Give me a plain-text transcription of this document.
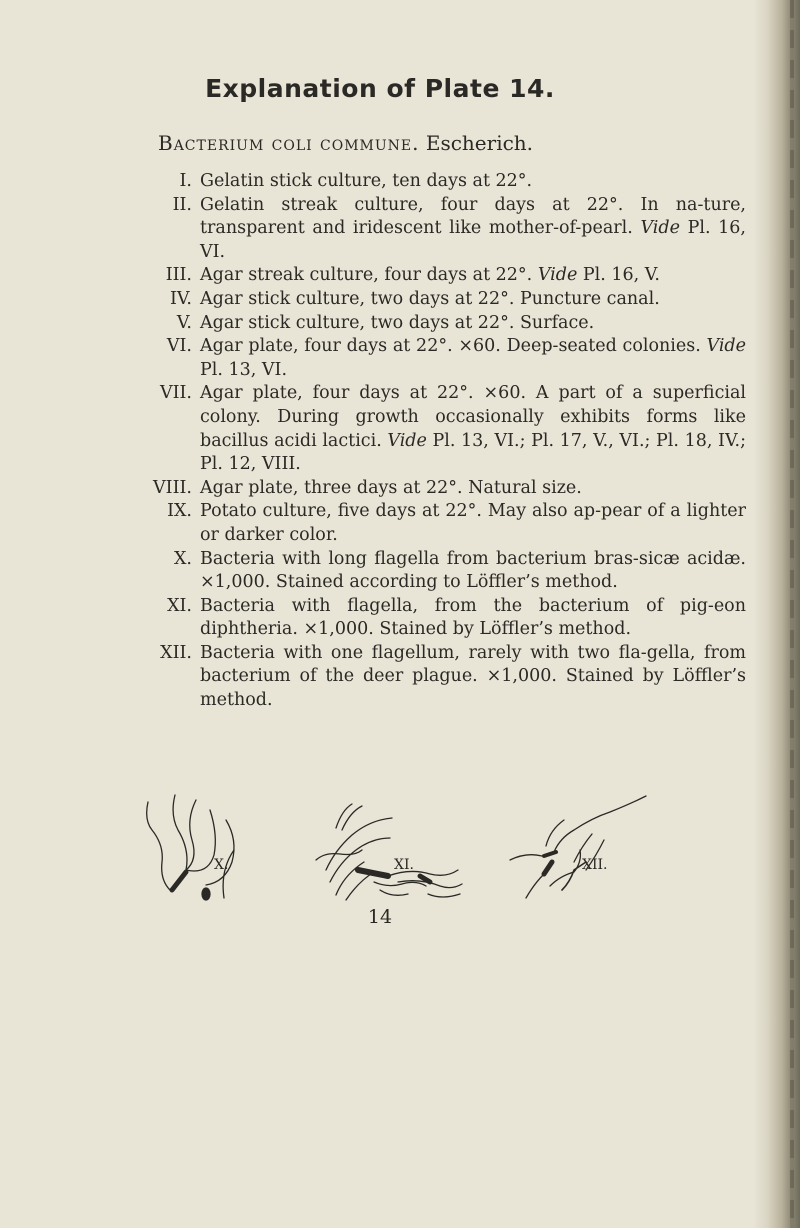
Explanation of Plate 14.
Bacterium coli commune. Escherich.
I. Gelatin stick culture, ten days at 22°.
II. Gelatin streak culture, four days at 22°. In na-ture, transparent and iridescent like mother-of-pearl. Vide Pl. 16, VI.
III. Agar streak culture, four days at 22°. Vide Pl. 16, V.
IV. Agar stick culture, two days at 22°. Puncture canal.
V. Agar stick culture, two days at 22°. Surface.
VI. Agar plate, four days at 22°. ×60. Deep-seated colonies. Vide Pl. 13, VI.
VII. Agar plate, four days at 22°. ×60. A part of a superficial colony. During growth occasionally exhibits forms like bacillus acidi lactici. Vide Pl. 13, VI.; Pl. 17, V., VI.; Pl. 18, IV.; Pl. 12, VIII.
VIII. Agar plate, three days at 22°. Natural size.
IX. Potato culture, five days at 22°. May also ap-pear of a lighter or darker color.
X. Bacteria with long flagella from bacterium bras-sicæ acidæ. ×1,000. Stained according to Löffler’s method.
XI. Bacteria with flagella, from the bacterium of pig-eon diphtheria. ×1,000. Stained by Löffler’s method.
XII. Bacteria with one flagellum, rarely with two fla-gella, from bacterium of the deer plague. ×1,000. Stained by Löffler’s method.
X.	XI.	XII.
14
